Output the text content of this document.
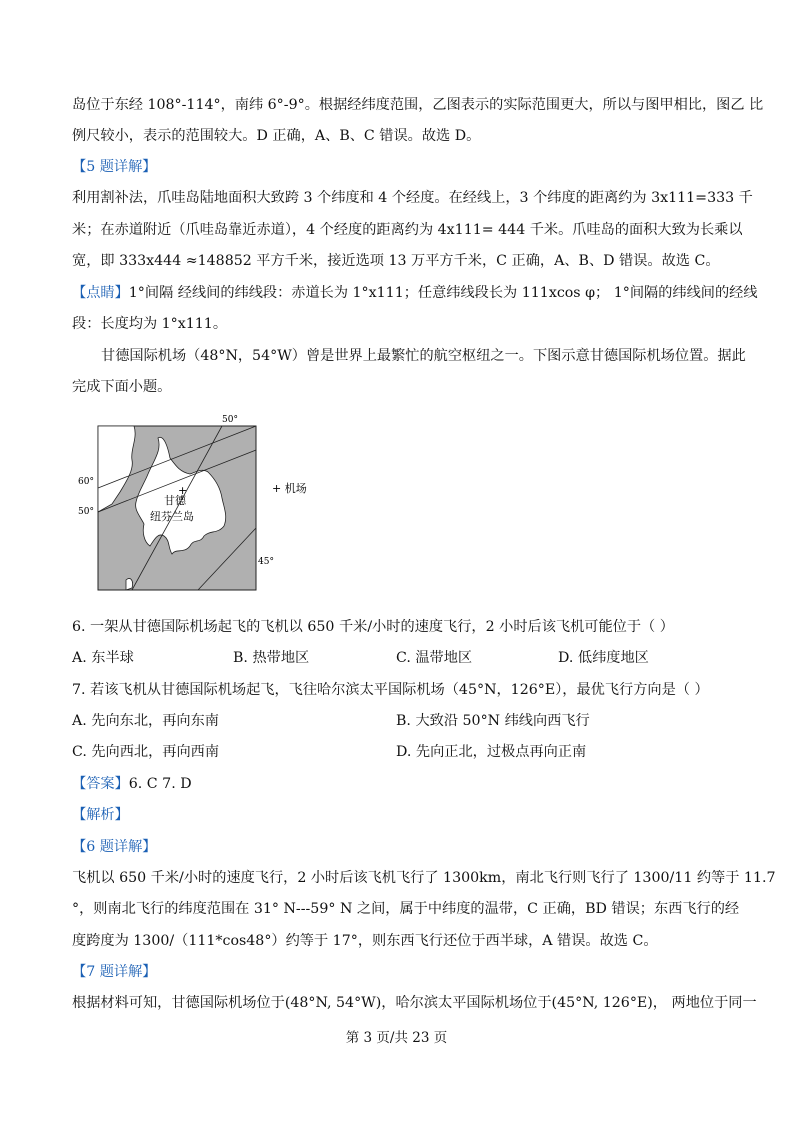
岛位于东经 108°-114°，南纬 6°-9°。根据经纬度范围，乙图表示的实际范围更大，所以与图甲相比，图乙 比
例尺较小，表示的范围较大。D 正确，A、B、C 错误。故选 D。
【5 题详解】
利用割补法，爪哇岛陆地面积大致跨 3 个纬度和 4 个经度。在经线上，3 个纬度的距离约为 3x111=333 千
米；在赤道附近（爪哇岛靠近赤道），4 个经度的距离约为 4x111= 444 千米。爪哇岛的面积大致为长乘以
宽，即 333x444 ≈148852 平方千米，接近选项 13 万平方千米，C 正确，A、B、D 错误。故选 C。
【点睛】1°间隔 经线间的纬线段：赤道长为 1°x111；任意纬线段长为 111xcos φ； 1°间隔的纬线间的经线
段：长度均为 1°x111。
甘德国际机场（48°N，54°W）曾是世界上最繁忙的航空枢纽之一。下图示意甘德国际机场位置。据此
完成下面小题。
50°
60°
50°
45°
+
甘德
纽芬兰岛
+ 机场
6. 一架从甘德国际机场起飞的飞机以 650 千米/小时的速度飞行，2 小时后该飞机可能位于（ ）
A. 东半球	B. 热带地区	C. 温带地区	D. 低纬度地区
7. 若该飞机从甘德国际机场起飞，飞往哈尔滨太平国际机场（45°N，126°E），最优飞行方向是（ ）
A. 先向东北，再向东南	B. 大致沿 50°N 纬线向西飞行
C. 先向西北，再向西南	D. 先向正北，过极点再向正南
【答案】6. C 7. D
【解析】
【6 题详解】
飞机以 650 千米/小时的速度飞行，2 小时后该飞机飞行了 1300km，南北飞行则飞行了 1300/11 约等于 11.7
°，则南北飞行的纬度范围在 31° N---59° N 之间，属于中纬度的温带，C 正确，BD 错误；东西飞行的经
度跨度为 1300/（111*cos48°）约等于 17°，则东西飞行还位于西半球，A 错误。故选 C。
【7 题详解】
根据材料可知，甘德国际机场位于(48°N, 54°W)，哈尔滨太平国际机场位于(45°N, 126°E)， 两地位于同一
第 3 页/共 23 页
